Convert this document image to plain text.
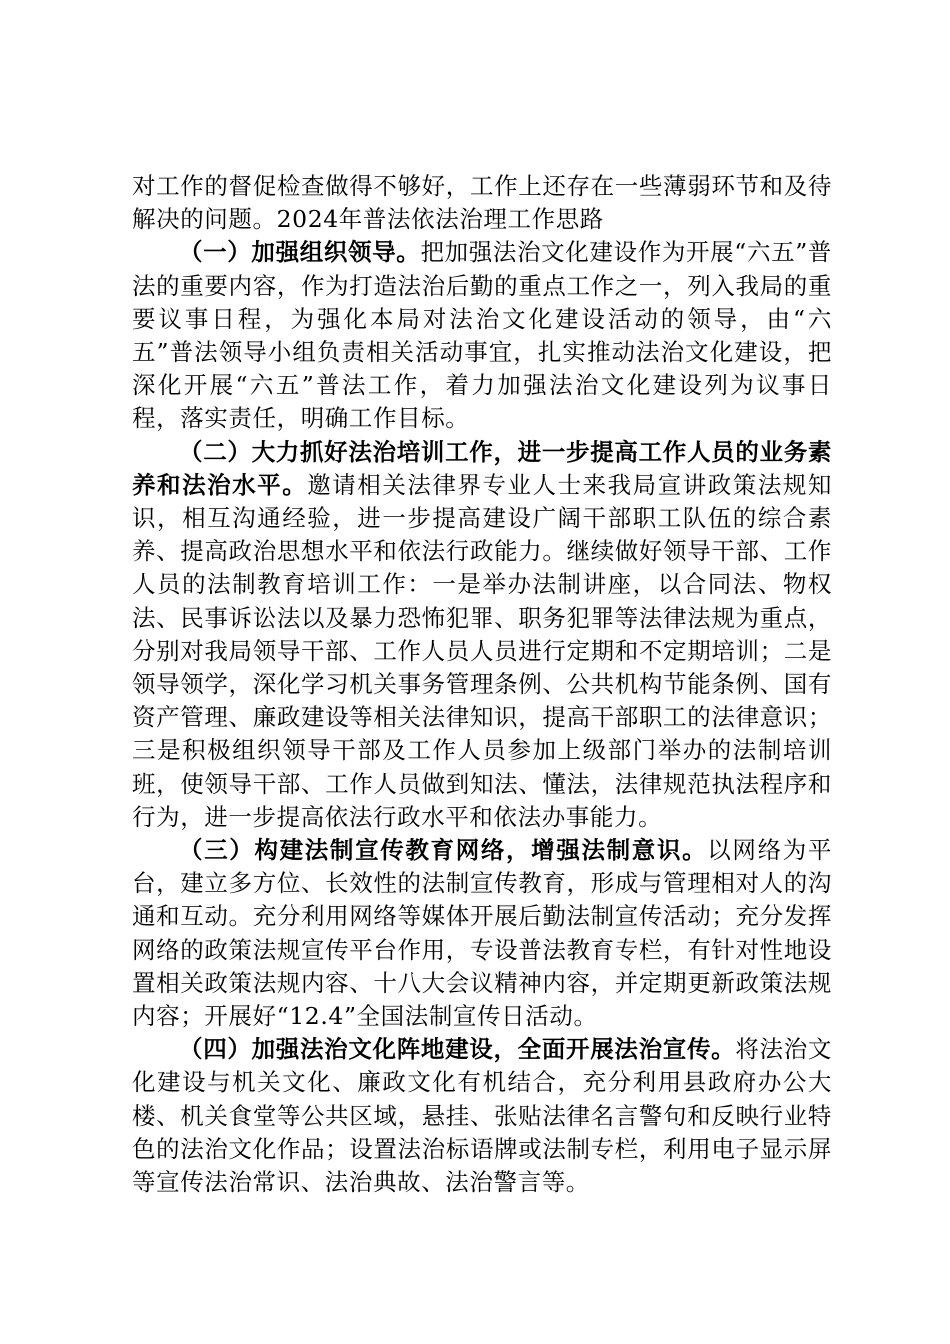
对工作的督促检查做得不够好，工作上还存在一些薄弱环节和及待解决的问题。2024年普法依法治理工作思路

（一）加强组织领导。把加强法治文化建设作为开展“六五”普法的重要内容，作为打造法治后勤的重点工作之一，列入我局的重要议事日程，为强化本局对法治文化建设活动的领导，由“六五”普法领导小组负责相关活动事宜，扎实推动法治文化建设，把深化开展“六五”普法工作，着力加强法治文化建设列为议事日程，落实责任，明确工作目标。

（二）大力抓好法治培训工作，进一步提高工作人员的业务素养和法治水平。邀请相关法律界专业人士来我局宣讲政策法规知识，相互沟通经验，进一步提高建设广阔干部职工队伍的综合素养、提高政治思想水平和依法行政能力。继续做好领导干部、工作人员的法制教育培训工作：一是举办法制讲座，以合同法、物权法、民事诉讼法以及暴力恐怖犯罪、职务犯罪等法律法规为重点，分别对我局领导干部、工作人员人员进行定期和不定期培训；二是领导领学，深化学习机关事务管理条例、公共机构节能条例、国有资产管理、廉政建设等相关法律知识，提高干部职工的法律意识；三是积极组织领导干部及工作人员参加上级部门举办的法制培训班，使领导干部、工作人员做到知法、懂法，法律规范执法程序和行为，进一步提高依法行政水平和依法办事能力。

（三）构建法制宣传教育网络，增强法制意识。以网络为平台，建立多方位、长效性的法制宣传教育，形成与管理相对人的沟通和互动。充分利用网络等媒体开展后勤法制宣传活动；充分发挥网络的政策法规宣传平台作用，专设普法教育专栏，有针对性地设置相关政策法规内容、十八大会议精神内容，并定期更新政策法规内容；开展好“12.4”全国法制宣传日活动。

（四）加强法治文化阵地建设，全面开展法治宣传。将法治文化建设与机关文化、廉政文化有机结合，充分利用县政府办公大楼、机关食堂等公共区域，悬挂、张贴法律名言警句和反映行业特色的法治文化作品；设置法治标语牌或法制专栏，利用电子显示屏等宣传法治常识、法治典故、法治警言等。
